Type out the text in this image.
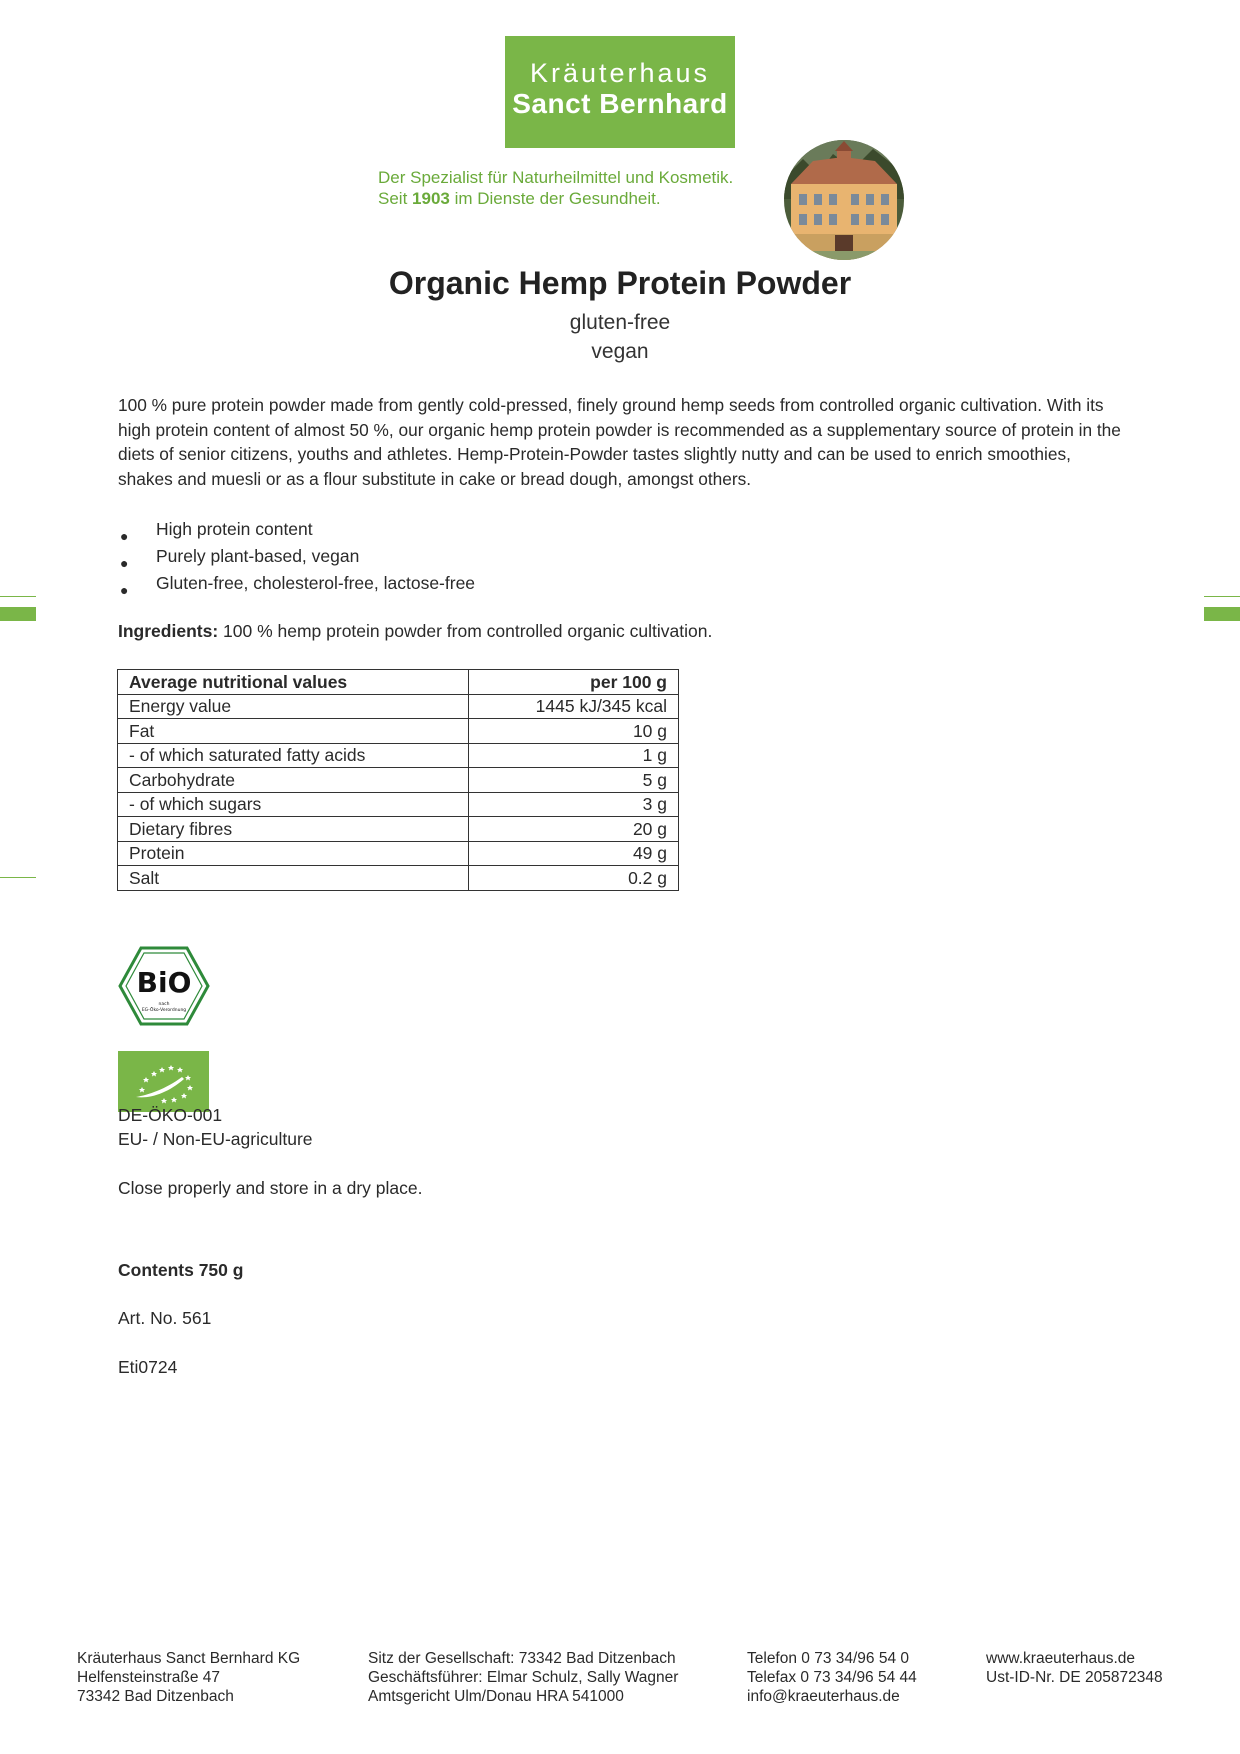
Kräuterhaus
Sanct Bernhard
Der Spezialist für Naturheilmittel und Kosmetik.
Seit 1903 im Dienste der Gesundheit.
Organic Hemp Protein Powder
gluten-free
vegan

100 % pure protein powder made from gently cold-pressed, finely ground hemp seeds from controlled organic cultivation. With its high protein content of almost 50 %, our organic hemp protein powder is recommended as a supplementary source of protein in the diets of senior citizens, youths and athletes. Hemp-Protein-Powder tastes slightly nutty and can be used to enrich smoothies, shakes and muesli or as a flour substitute in cake or bread dough, amongst others.

● High protein content
● Purely plant-based, vegan
● Gluten-free, cholesterol-free, lactose-free
Ingredients: 100 % hemp protein powder from controlled organic cultivation.
Average nutritional values	per 100 g
Energy value	1445 kJ/345 kcal
Fat	10 g
- of which saturated fatty acids	1 g
Carbohydrate	5 g
- of which sugars	3 g
Dietary fibres	20 g
Protein	49 g
Salt	0.2 g
BiO
nach
EG-Öko-Verordnung
DE-ÖKO-001
EU- / Non-EU-agriculture
Close properly and store in a dry place.
Contents 750 g
Art. No. 561
Eti0724
Kräuterhaus Sanct Bernhard KG
Helfensteinstraße 47
73342 Bad Ditzenbach
Sitz der Gesellschaft: 73342 Bad Ditzenbach
Geschäftsführer: Elmar Schulz, Sally Wagner
Amtsgericht Ulm/Donau HRA 541000
Telefon 0 73 34/96 54 0
Telefax 0 73 34/96 54 44
info@kraeuterhaus.de
www.kraeuterhaus.de
Ust-ID-Nr. DE 205872348
